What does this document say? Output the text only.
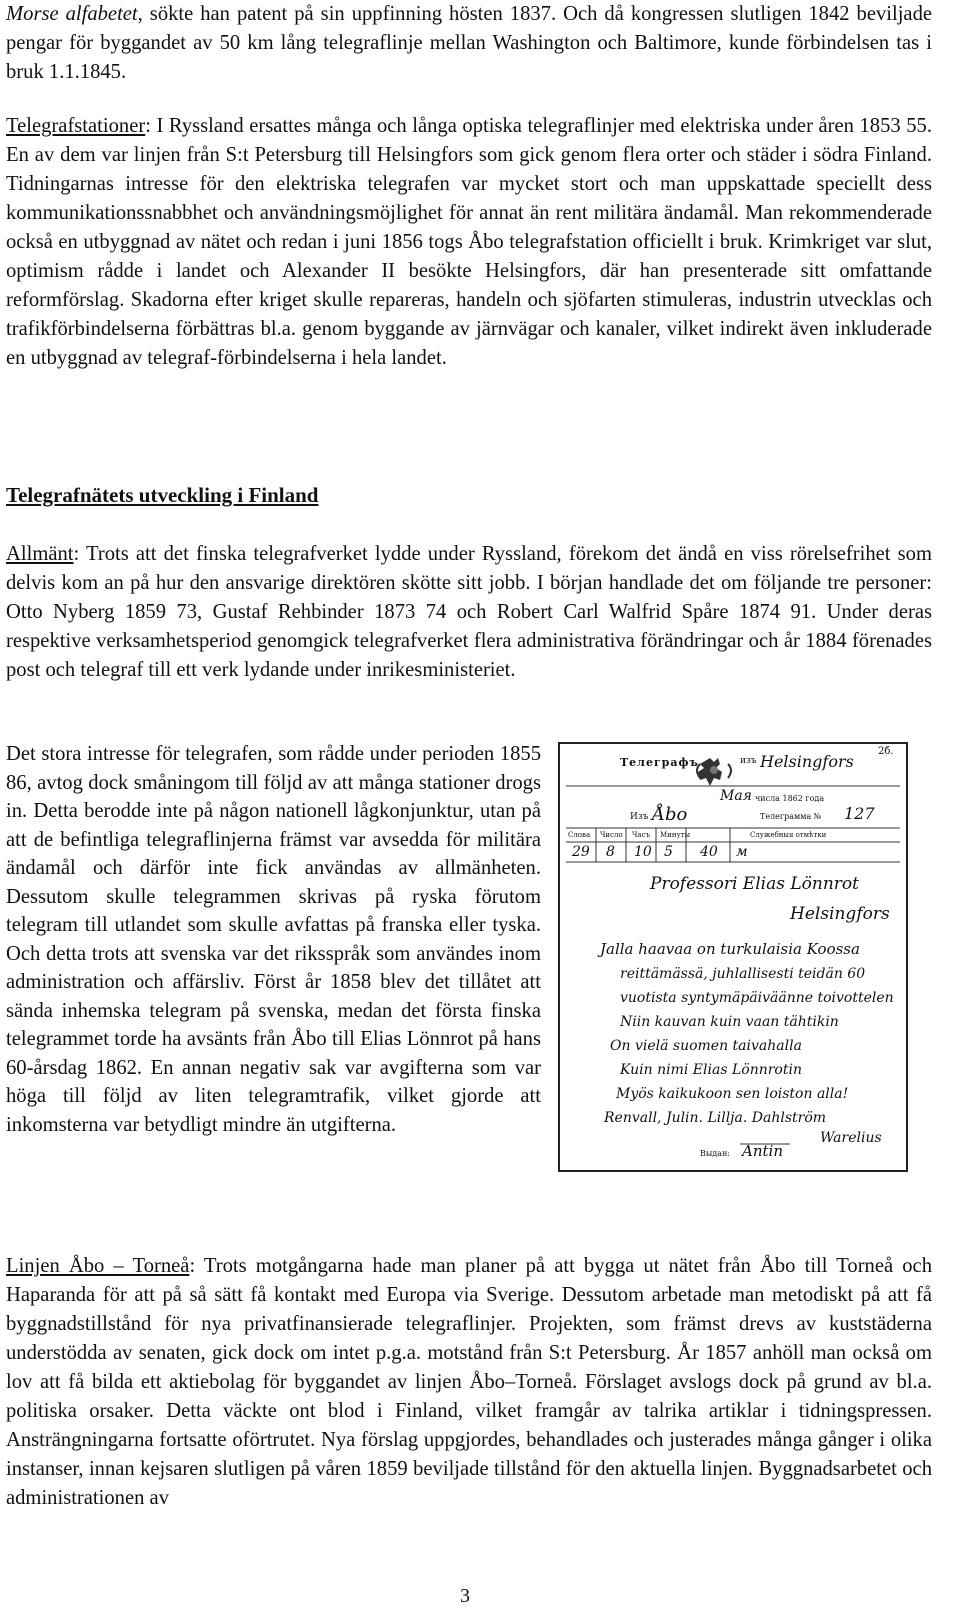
Morse alfabetet, sökte han patent på sin uppfinning hösten 1837. Och då kongressen slutligen 1842 beviljade pengar för byggandet av 50 km lång telegraflinje mellan Washington och Baltimore, kunde förbindelsen tas i bruk 1.1.1845.

Telegrafstationer: I Ryssland ersattes många och långa optiska telegraflinjer med elektriska under åren 1853 55. En av dem var linjen från S:t Petersburg till Helsingfors som gick genom flera orter och städer i södra Finland. Tidningarnas intresse för den elektriska telegrafen var mycket stort och man uppskattade speciellt dess kommunikationssnabbhet och användningsmöjlighet för annat än rent militära ändamål. Man rekommenderade också en utbyggnad av nätet och redan i juni 1856 togs Åbo telegrafstation officiellt i bruk. Krimkriget var slut, optimism rådde i landet och Alexander II besökte Helsingfors, där han presenterade sitt omfattande reformförslag. Skadorna efter kriget skulle repareras, handeln och sjöfarten stimuleras, industrin utvecklas och trafikförbindelserna förbättras bl.a. genom byggande av järnvägar och kanaler, vilket indirekt även inkluderade en utbyggnad av telegraf-förbindelserna i hela landet.

Telegrafnätets utveckling i Finland

Allmänt: Trots att det finska telegrafverket lydde under Ryssland, förekom det ändå en viss rörelsefrihet som delvis kom an på hur den ansvarige direktören skötte sitt jobb. I början handlade det om följande tre personer: Otto Nyberg 1859 73, Gustaf Rehbinder 1873 74 och Robert Carl Walfrid Spåre 1874 91. Under deras respektive verksamhetsperiod genomgick telegrafverket flera administrativa förändringar och år 1884 förenades post och telegraf till ett verk lydande under inrikesministeriet.

Det stora intresse för telegrafen, som rådde under perioden 1855 86, avtog dock småningom till följd av att många stationer drogs in. Detta berodde inte på någon nationell lågkonjunktur, utan på att de befintliga telegraflinjerna främst var avsedda för militära ändamål och därför inte fick användas av allmänheten. Dessutom skulle telegrammen skrivas på ryska förutom telegram till utlandet som skulle avfattas på franska eller tyska. Och detta trots att svenska var det riksspråk som användes inom administration och affärsliv. Först år 1858 blev det tillåtet att sända inhemska telegram på svenska, medan det första finska telegrammet torde ha avsänts från Åbo till Elias Lönnrot på hans 60-årsdag 1862. En annan negativ sak var avgifterna som var höga till följd av liten telegramtrafik, vilket gjorde att inkomsterna var betydligt mindre än utgifterna.

2б.
Телеграфъ	изъ Helsingfors
Мая числа 1862 года
Изъ Åbo	Телеграмма № 127
Слова Число Часъ Минуты	Служебныя отмѣтки
29 8 10 5 40 м
Professori Elias Lönnrot
Helsingfors
Jalla haavaa on turkulaisia Koossa
reittämässä, juhlallisesti teidän 60
vuotista syntymäpäiväänne toivottelen
Niin kauvan kuin vaan tähtikin
On vielä suomen taivahalla
Kuin nimi Elias Lönnrotin
Myös kaikukoon sen loiston alla!
Renvall, Julin. Lillja. Dahlström
Warelius
Выдан: Antin

Linjen Åbo – Torneå: Trots motgångarna hade man planer på att bygga ut nätet från Åbo till Torneå och Haparanda för att på så sätt få kontakt med Europa via Sverige. Dessutom arbetade man metodiskt på att få byggnadstillstånd för nya privatfinansierade telegraflinjer. Projekten, som främst drevs av kuststäderna understödda av senaten, gick dock om intet p.g.a. motstånd från S:t Petersburg. År 1857 anhöll man också om lov att få bilda ett aktiebolag för byggandet av linjen Åbo–Torneå. Förslaget avslogs dock på grund av bl.a. politiska orsaker. Detta väckte ont blod i Finland, vilket framgår av talrika artiklar i tidningspressen. Ansträngningarna fortsatte oförtrutet. Nya förslag uppgjordes, behandlades och justerades många gånger i olika instanser, innan kejsaren slutligen på våren 1859 beviljade tillstånd för den aktuella linjen. Byggnadsarbetet och administrationen av

3
